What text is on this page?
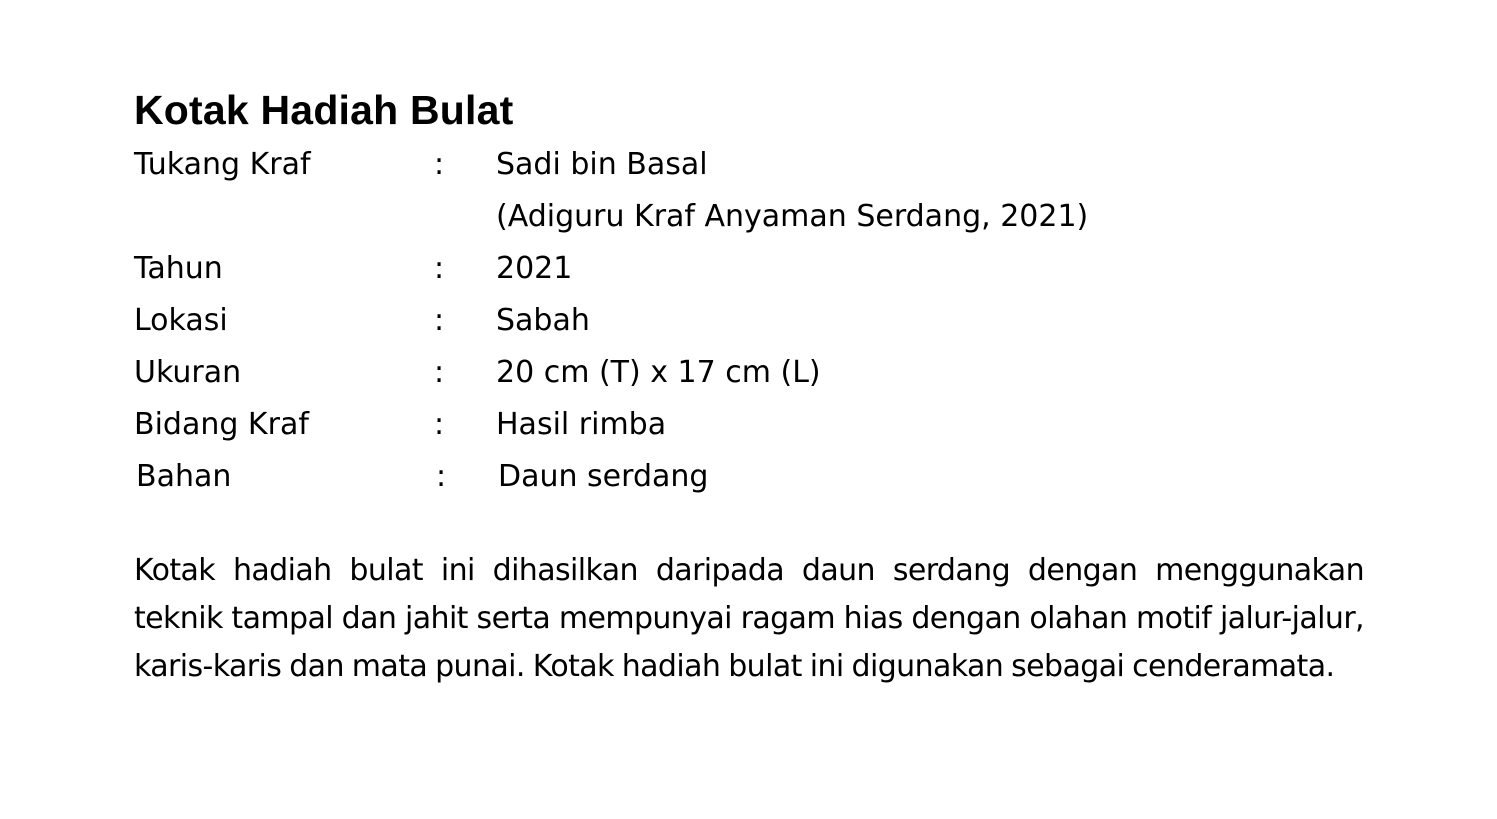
Kotak Hadiah Bulat
Tukang Kraf	:	Sadi bin Basal
(Adiguru Kraf Anyaman Serdang, 2021)
Tahun	:	2021
Lokasi	:	Sabah
Ukuran	:	20 cm (T) x 17 cm (L)
Bidang Kraf	:	Hasil rimba
Bahan	:	Daun serdang

Kotak hadiah bulat ini dihasilkan daripada daun serdang dengan menggunakan teknik tampal dan jahit serta mempunyai ragam hias dengan olahan motif jalur-jalur, karis-karis dan mata punai. Kotak hadiah bulat ini digunakan sebagai cenderamata.
